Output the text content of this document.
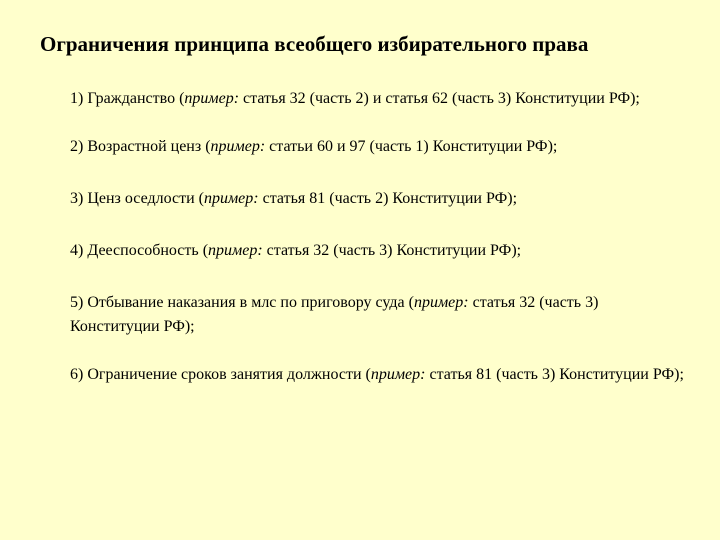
Ограничения принципа всеобщего избирательного права
1) Гражданство (пример: статья 32 (часть 2) и статья 62 (часть 3) Конституции РФ);
2) Возрастной ценз (пример: статьи 60 и 97 (часть 1) Конституции РФ);
3) Ценз оседлости (пример: статья 81 (часть 2) Конституции РФ);
4) Дееспособность (пример: статья 32 (часть 3) Конституции РФ);
5) Отбывание наказания в млс по приговору суда (пример: статья 32 (часть 3) Конституции РФ);
6) Ограничение сроков занятия должности (пример: статья 81 (часть 3) Конституции РФ);
